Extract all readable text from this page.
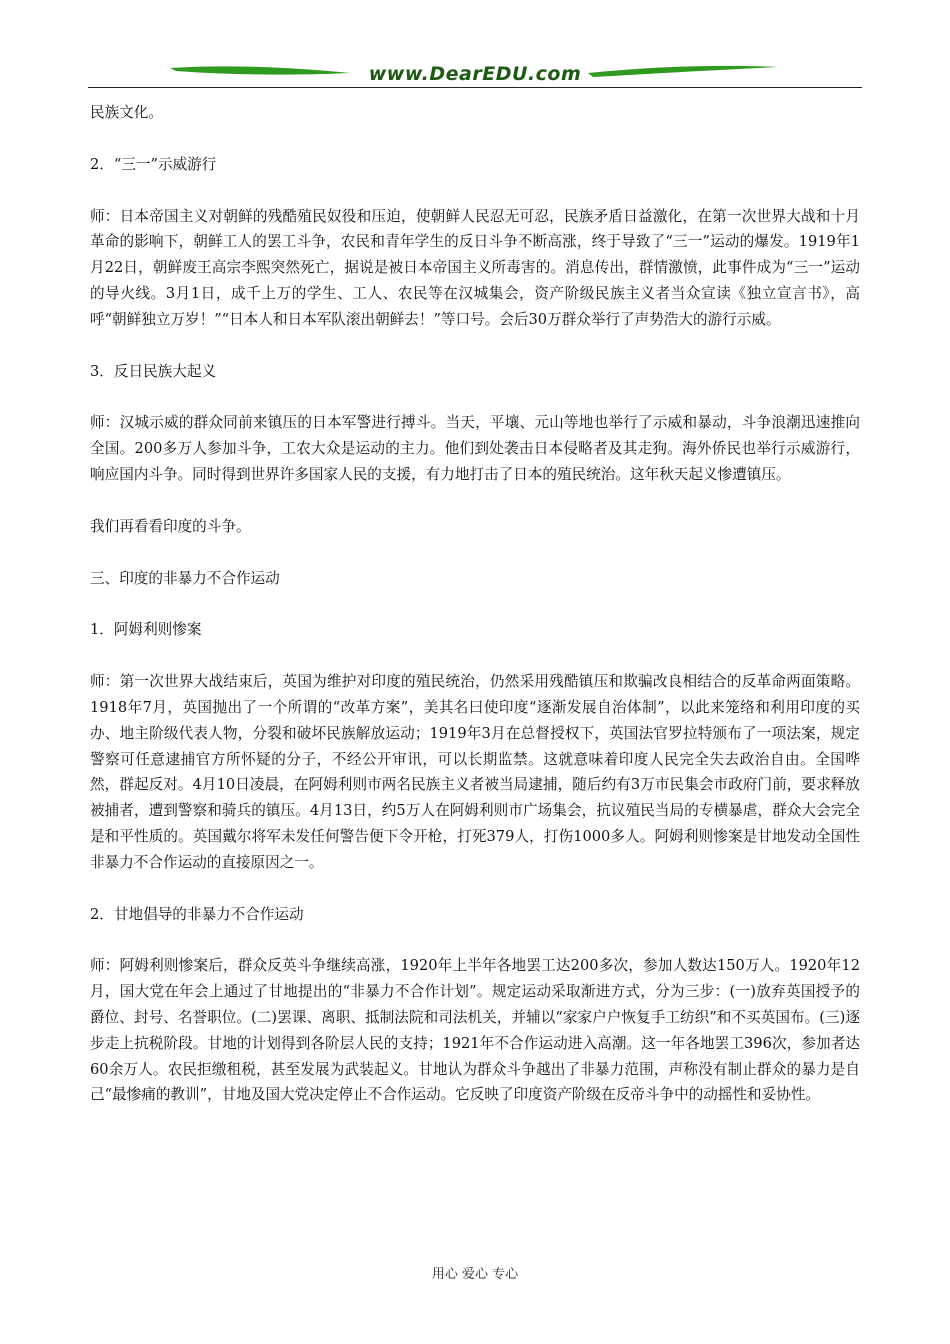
www.DearEDU.com

民族文化。

2．“三一”示威游行

师：日本帝国主义对朝鲜的残酷殖民奴役和压迫，使朝鲜人民忍无可忍，民族矛盾日益激化，在第一次世界大战和十月革命的影响下，朝鲜工人的罢工斗争，农民和青年学生的反日斗争不断高涨，终于导致了“三一”运动的爆发。1919年1月22日，朝鲜废王高宗李熙突然死亡，据说是被日本帝国主义所毒害的。消息传出，群情激愤，此事件成为“三一”运动的导火线。3月1日，成千上万的学生、工人、农民等在汉城集会，资产阶级民族主义者当众宣读《独立宣言书》，高呼“朝鲜独立万岁！”“日本人和日本军队滚出朝鲜去！”等口号。会后30万群众举行了声势浩大的游行示威。

3．反日民族大起义

师：汉城示威的群众同前来镇压的日本军警进行搏斗。当天，平壤、元山等地也举行了示威和暴动，斗争浪潮迅速推向全国。200多万人参加斗争，工农大众是运动的主力。他们到处袭击日本侵略者及其走狗。海外侨民也举行示威游行，响应国内斗争。同时得到世界许多国家人民的支援，有力地打击了日本的殖民统治。这年秋天起义惨遭镇压。

我们再看看印度的斗争。

三、印度的非暴力不合作运动

1．阿姆利则惨案

师：第一次世界大战结束后，英国为维护对印度的殖民统治，仍然采用残酷镇压和欺骗改良相结合的反革命两面策略。1918年7月，英国抛出了一个所谓的“改革方案”，美其名曰使印度“逐渐发展自治体制”，以此来笼络和利用印度的买办、地主阶级代表人物，分裂和破坏民族解放运动；1919年3月在总督授权下，英国法官罗拉特颁布了一项法案，规定警察可任意逮捕官方所怀疑的分子，不经公开审讯，可以长期监禁。这就意味着印度人民完全失去政治自由。全国哗然，群起反对。4月10日凌晨，在阿姆利则市两名民族主义者被当局逮捕，随后约有3万市民集会市政府门前，要求释放被捕者，遭到警察和骑兵的镇压。4月13日，约5万人在阿姆利则市广场集会，抗议殖民当局的专横暴虐，群众大会完全是和平性质的。英国戴尔将军未发任何警告便下令开枪，打死379人，打伤1000多人。阿姆利则惨案是甘地发动全国性非暴力不合作运动的直接原因之一。

2．甘地倡导的非暴力不合作运动

师：阿姆利则惨案后，群众反英斗争继续高涨，1920年上半年各地罢工达200多次，参加人数达150万人。1920年12月，国大党在年会上通过了甘地提出的“非暴力不合作计划”。规定运动采取渐进方式，分为三步：(一)放弃英国授予的爵位、封号、名誉职位。(二)罢课、离职、抵制法院和司法机关，并辅以“家家户户恢复手工纺织”和不买英国布。(三)逐步走上抗税阶段。甘地的计划得到各阶层人民的支持；1921年不合作运动进入高潮。这一年各地罢工396次，参加者达60余万人。农民拒缴租税，甚至发展为武装起义。甘地认为群众斗争越出了非暴力范围，声称没有制止群众的暴力是自己“最惨痛的教训”，甘地及国大党决定停止不合作运动。它反映了印度资产阶级在反帝斗争中的动摇性和妥协性。

用心 爱心 专心
